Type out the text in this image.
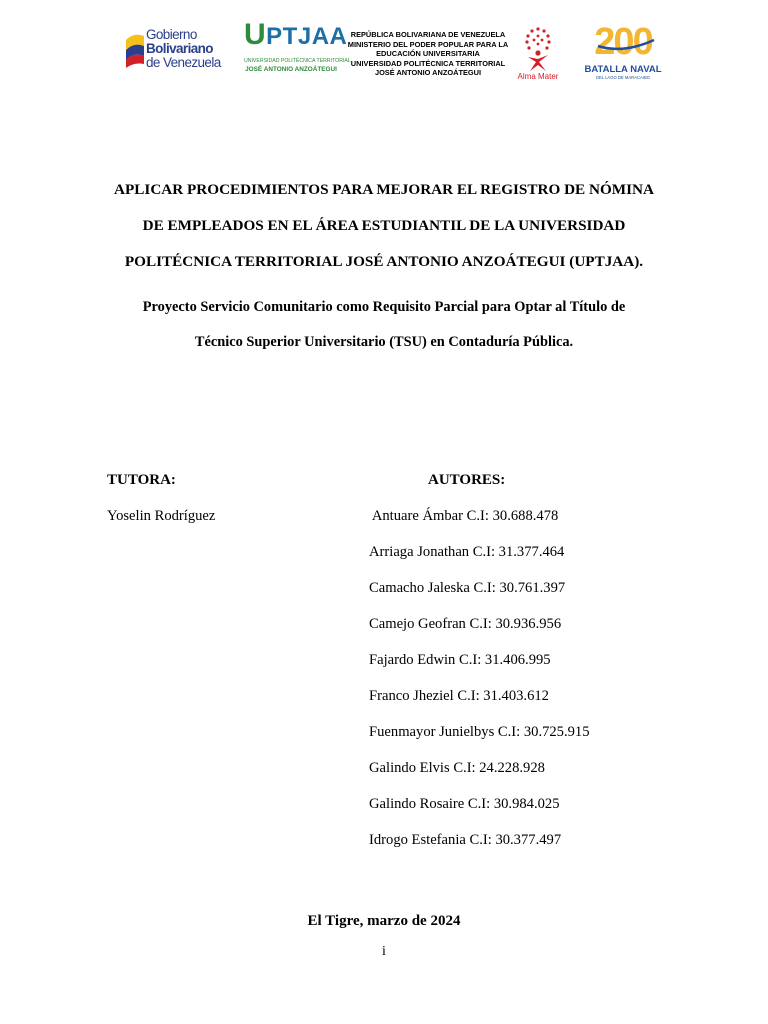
Gobierno Bolivariano
de Venezuela
UPTJAA
UNIVERSIDAD POLITÉCNICA TERRITORIAL
JOSÉ ANTONIO ANZOÁTEGUI
REPÚBLICA BOLIVARIANA DE VENEZUELA
MINISTERIO DEL PODER POPULAR PARA LA
EDUCACIÓN UNIVERSITARIA
UNIVERSIDAD POLITÉCNICA TERRITORIAL
JOSÉ ANTONIO ANZOÁTEGUI	Alma Mater
200
BATALLA NAVAL
DEL LAGO DE MARACAIBO
APLICAR PROCEDIMIENTOS PARA MEJORAR EL REGISTRO DE NÓMINA
DE EMPLEADOS EN EL ÁREA ESTUDIANTIL DE LA UNIVERSIDAD
POLITÉCNICA TERRITORIAL JOSÉ ANTONIO ANZOÁTEGUI (UPTJAA).
Proyecto Servicio Comunitario como Requisito Parcial para Optar al Título de
Técnico Superior Universitario (TSU) en Contaduría Pública.
TUTORA:
Yoselin Rodríguez
AUTORES:
Antuare Ámbar C.I: 30.688.478
Arriaga Jonathan C.I: 31.377.464
Camacho Jaleska C.I: 30.761.397
Camejo Geofran C.I: 30.936.956
Fajardo Edwin C.I: 31.406.995
Franco Jheziel C.I: 31.403.612
Fuenmayor Junielbys C.I: 30.725.915
Galindo Elvis C.I: 24.228.928
Galindo Rosaire C.I: 30.984.025
Idrogo Estefania C.I: 30.377.497
El Tigre, marzo de 2024
i
